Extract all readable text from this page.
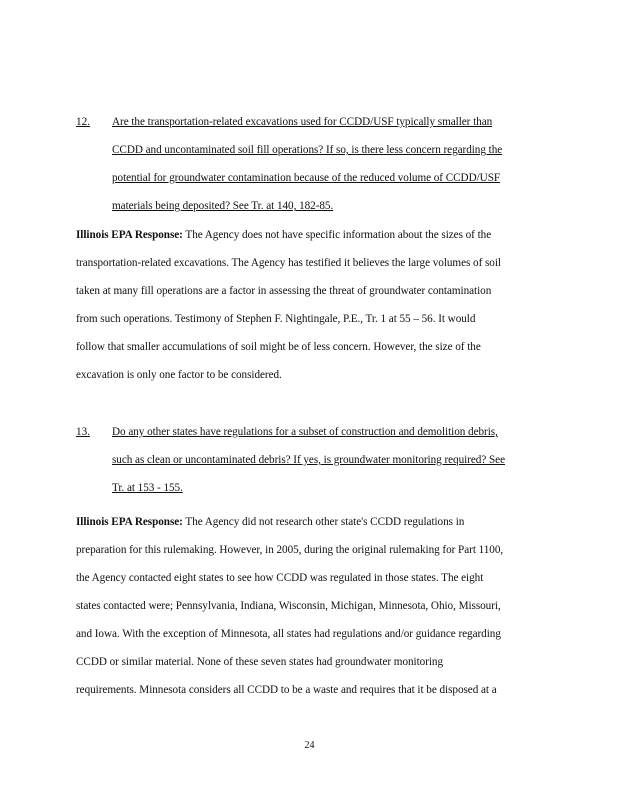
12. Are the transportation-related excavations used for CCDD/USF typically smaller than
CCDD and uncontaminated soil fill operations? If so, is there less concern regarding the
potential for groundwater contamination because of the reduced volume of CCDD/USF
materials being deposited? See Tr. at 140, 182-85.
Illinois EPA Response: The Agency does not have specific information about the sizes of the
transportation-related excavations. The Agency has testified it believes the large volumes of soil
taken at many fill operations are a factor in assessing the threat of groundwater contamination
from such operations. Testimony of Stephen F. Nightingale, P.E., Tr. 1 at 55 – 56. It would
follow that smaller accumulations of soil might be of less concern. However, the size of the
excavation is only one factor to be considered.
13. Do any other states have regulations for a subset of construction and demolition debris,
such as clean or uncontaminated debris? If yes, is groundwater monitoring required? See
Tr. at 153 - 155.
Illinois EPA Response: The Agency did not research other state's CCDD regulations in
preparation for this rulemaking. However, in 2005, during the original rulemaking for Part 1100,
the Agency contacted eight states to see how CCDD was regulated in those states. The eight
states contacted were; Pennsylvania, Indiana, Wisconsin, Michigan, Minnesota, Ohio, Missouri,
and Iowa. With the exception of Minnesota, all states had regulations and/or guidance regarding
CCDD or similar material. None of these seven states had groundwater monitoring
requirements. Minnesota considers all CCDD to be a waste and requires that it be disposed at a
24
